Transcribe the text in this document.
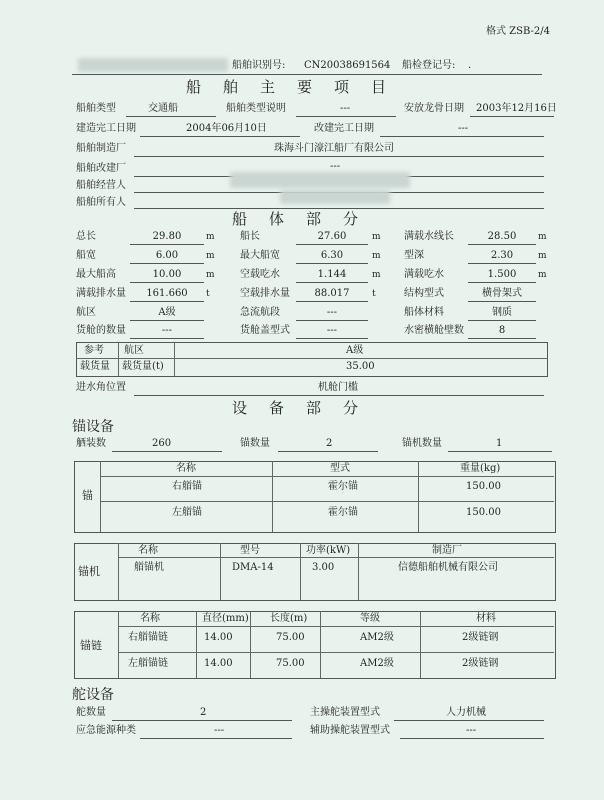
格式 ZSB-2/4
船舶识别号: CN20038691564 船检登记号: .
船舶主要项目
船舶类型	交通船	船舶类型说明	---	安放龙骨日期 2003年12月16日
建造完工日期	2004年06月10日	改建完工日期	---
船舶制造厂	珠海斗门濠江船厂有限公司
船舶改建厂	---
船舶经营人
船舶所有人
船体部分
总长	29.80	m	船长	27.60	m 满载水线长	28.50	m
船宽	6.00	m	最大船宽	6.30	m 型深	2.30	m
最大船高	10.00	m	空载吃水	1.144	m 满载吃水	1.500	m
满载排水量	161.660	t	空载排水量	88.017	t	结构型式	横骨架式
航区	A级	急流航段	---	船体材料	钢质
货舱的数量	---	货舱盖型式	---	水密横舱壁数	8
参考 航区	A级
载货量 载货量(t)	35.00
进水角位置	机舱门槛
设备部分
锚设备
舾装数	260	锚数量	2	锚机数量	1
锚
名称	型式	重量(kg)
右艏锚	霍尔锚	150.00
左艏锚	霍尔锚	150.00
锚机
名称	型号	功率(kW)	制造厂
艏锚机	DMA-14	3.00	信德船舶机械有限公司
锚链
名称	直径(mm) 长度(m)	等级	材料
右艏锚链	14.00	75.00	AM2级	2级链钢
左艏锚链	14.00	75.00	AM2级	2级链钢
舵设备
舵数量	2	主操舵装置型式	人力机械
应急能源种类	---	辅助操舵装置型式	---
